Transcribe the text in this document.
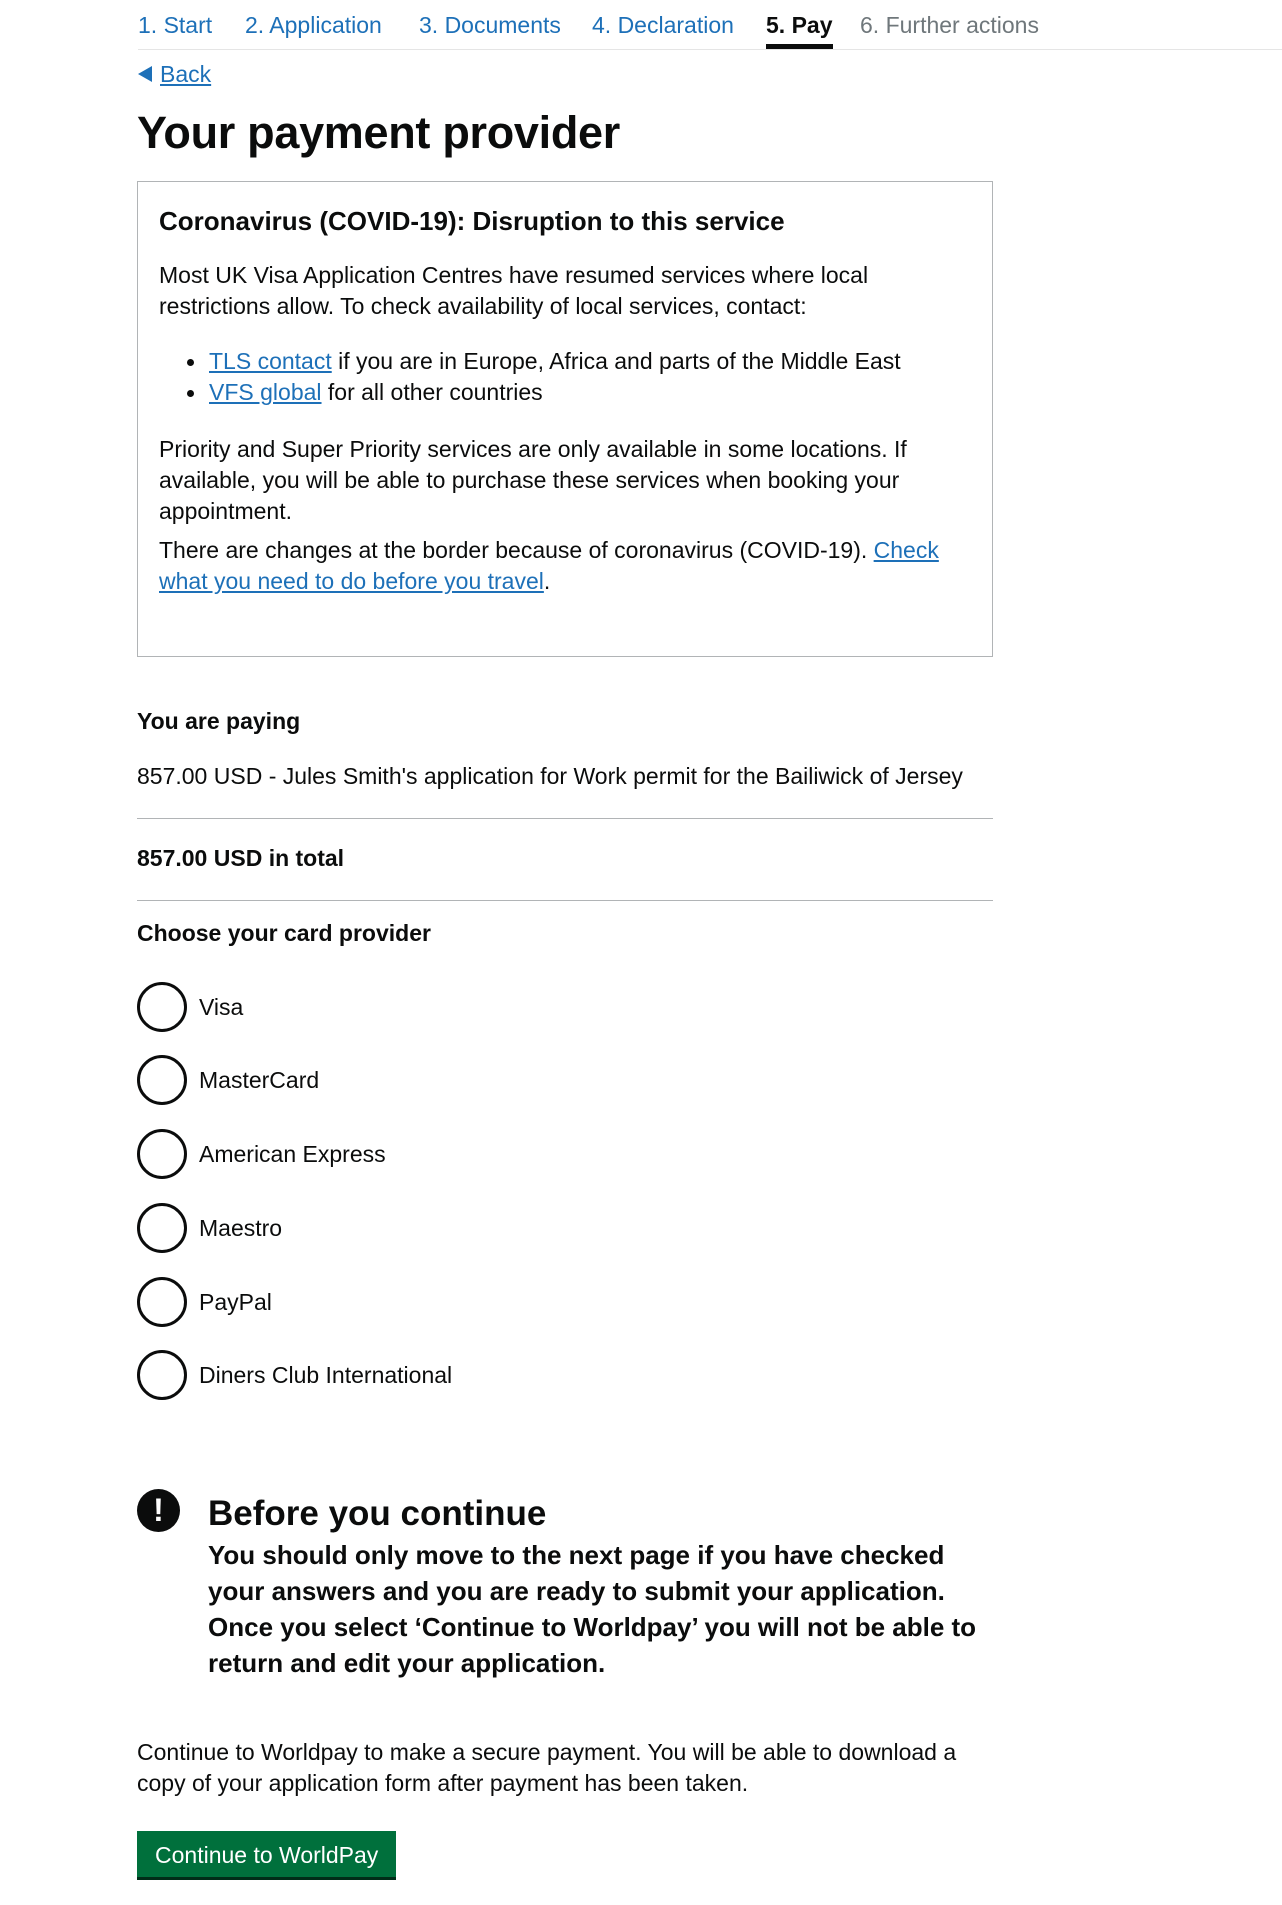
1. Start 2. Application 3. Documents 4. Declaration 5. Pay 6. Further actions
Back
Your payment provider
Coronavirus (COVID-19): Disruption to this service

Most UK Visa Application Centres have resumed services where local
restrictions allow. To check availability of local services, contact:

TLS contact if you are in Europe, Africa and parts of the Middle East
VFS global for all other countries

Priority and Super Priority services are only available in some locations. If
available, you will be able to purchase these services when booking your
appointment.

There are changes at the border because of coronavirus (COVID-19). Check
what you need to do before you travel.

You are paying
857.00 USD - Jules Smith's application for Work permit for the Bailiwick of Jersey
857.00 USD in total
Choose your card provider
Visa
MasterCard
American Express
Maestro
PayPal
Diners Club International
!	Before you continue
You should only move to the next page if you have checked
your answers and you are ready to submit your application.
Once you select ‘Continue to Worldpay’ you will not be able to
return and edit your application.
Continue to Worldpay to make a secure payment. You will be able to download a
copy of your application form after payment has been taken.
Continue to WorldPay
